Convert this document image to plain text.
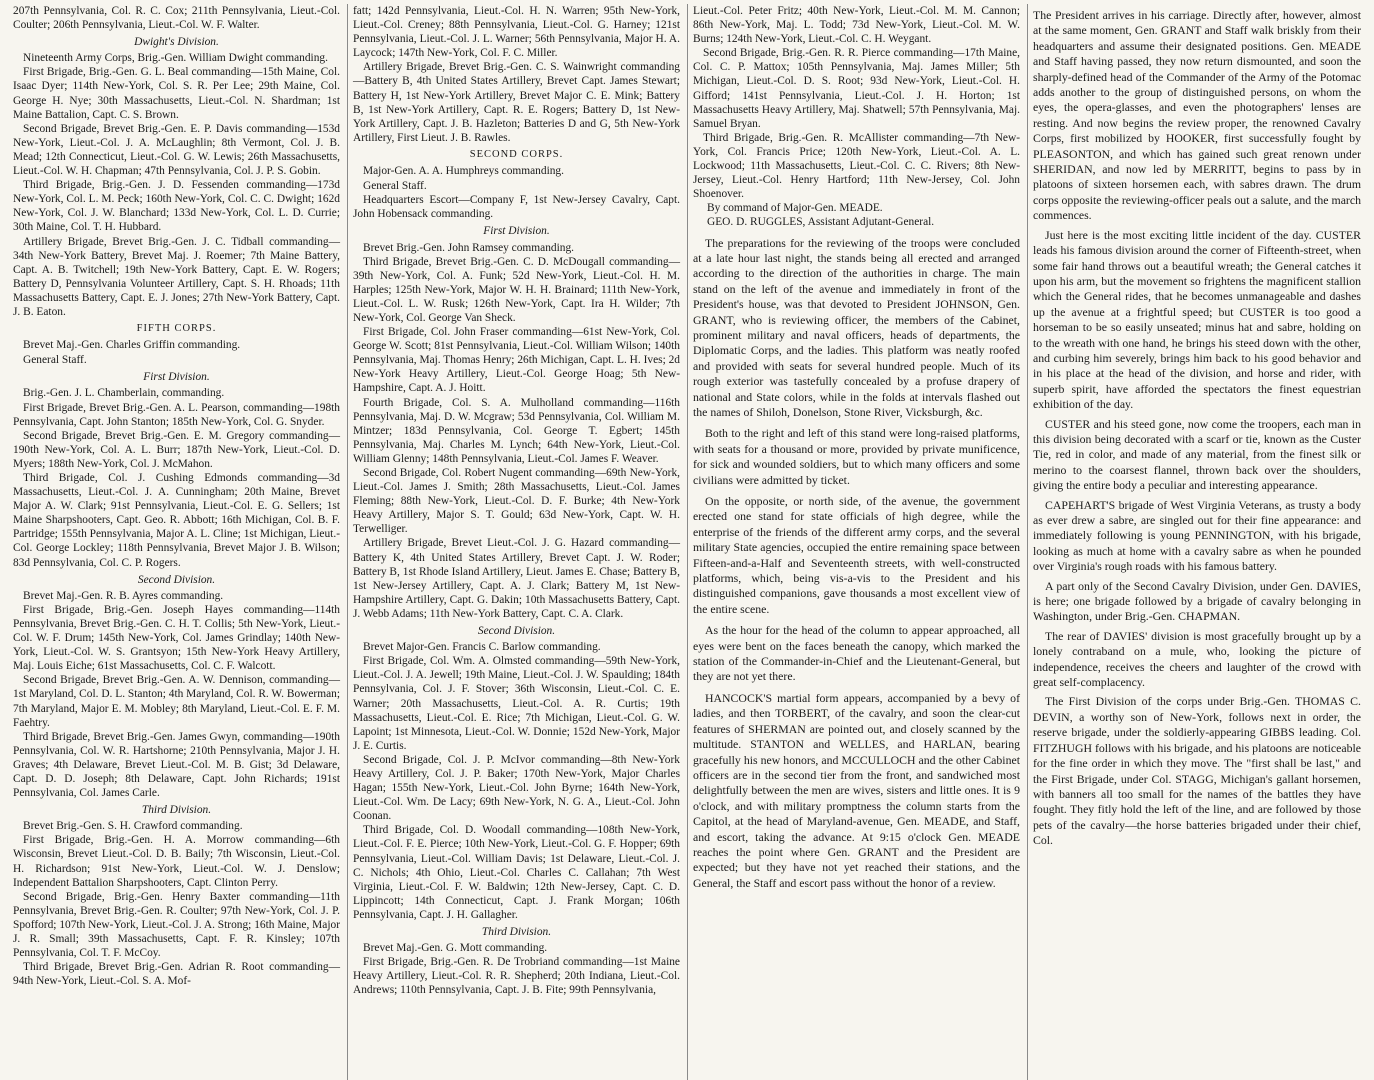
207th Pennsylvania, Col. R. C. Cox; 211th Pennsylvania, Lieut.-Col. Coulter; 206th Pennsylvania, Lieut.-Col. W. F. Walter.

Dwight's Division.

Nineteenth Army Corps, Brig.-Gen. William Dwight commanding.

First Brigade, Brig.-Gen. G. L. Beal commanding—15th Maine, Col. Isaac Dyer; 114th New-York, Col. S. R. Per Lee; 29th Maine, Col. George H. Nye; 30th Massachusetts, Lieut.-Col. N. Shardman; 1st Maine Battalion, Capt. C. S. Brown.

Second Brigade, Brevet Brig.-Gen. E. P. Davis commanding—153d New-York, Lieut.-Col. J. A. McLaughlin; 8th Vermont, Col. J. B. Mead; 12th Connecticut, Lieut.-Col. G. W. Lewis; 26th Massachusetts, Lieut.-Col. W. H. Chapman; 47th Pennsylvania, Col. J. P. S. Gobin.

Third Brigade, Brig.-Gen. J. D. Fessenden commanding—173d New-York, Col. L. M. Peck; 160th New-York, Col. C. C. Dwight; 162d New-York, Col. J. W. Blanchard; 133d New-York, Col. L. D. Currie; 30th Maine, Col. T. H. Hubbard.

Artillery Brigade, Brevet Brig.-Gen. J. C. Tidball commanding—34th New-York Battery, Brevet Maj. J. Roemer; 7th Maine Battery, Capt. A. B. Twitchell; 19th New-York Battery, Capt. E. W. Rogers; Battery D, Pennsylvania Volunteer Artillery, Capt. S. H. Rhoads; 11th Massachusetts Battery, Capt. E. J. Jones; 27th New-York Battery, Capt. J. B. Eaton.

FIFTH CORPS.

Brevet Maj.-Gen. Charles Griffin commanding.

General Staff.

First Division.

Brig.-Gen. J. L. Chamberlain, commanding.

First Brigade, Brevet Brig.-Gen. A. L. Pearson, commanding—198th Pennsylvania, Capt. John Stanton; 185th New-York, Col. G. Snyder.

Second Brigade, Brevet Brig.-Gen. E. M. Gregory commanding—190th New-York, Col. A. L. Burr; 187th New-York, Lieut.-Col. D. Myers; 188th New-York, Col. J. McMahon.

Third Brigade, Col. J. Cushing Edmonds commanding—3d Massachusetts, Lieut.-Col. J. A. Cunningham; 20th Maine, Brevet Major A. W. Clark; 91st Pennsylvania, Lieut.-Col. E. G. Sellers; 1st Maine Sharpshooters, Capt. Geo. R. Abbott; 16th Michigan, Col. B. F. Partridge; 155th Pennsylvania, Major A. L. Cline; 1st Michigan, Lieut.-Col. George Lockley; 118th Pennsylvania, Brevet Major J. B. Wilson; 83d Pennsylvania, Col. C. P. Rogers.

Second Division.

Brevet Maj.-Gen. R. B. Ayres commanding.

First Brigade, Brig.-Gen. Joseph Hayes commanding—114th Pennsylvania, Brevet Brig.-Gen. C. H. T. Collis; 5th New-York, Lieut.-Col. W. F. Drum; 145th New-York, Col. James Grindlay; 140th New-York, Lieut.-Col. W. S. Grantsyon; 15th New-York Heavy Artillery, Maj. Louis Eiche; 61st Massachusetts, Col. C. F. Walcott.

Second Brigade, Brevet Brig.-Gen. A. W. Dennison, commanding—1st Maryland, Col. D. L. Stanton; 4th Maryland, Col. R. W. Bowerman; 7th Maryland, Major E. M. Mobley; 8th Maryland, Lieut.-Col. E. F. M. Faehtry.

Third Brigade, Brevet Brig.-Gen. James Gwyn, commanding—190th Pennsylvania, Col. W. R. Hartshorne; 210th Pennsylvania, Major J. H. Graves; 4th Delaware, Brevet Lieut.-Col. M. B. Gist; 3d Delaware, Capt. D. D. Joseph; 8th Delaware, Capt. John Richards; 191st Pennsylvania, Col. James Carle.

Third Division.

Brevet Brig.-Gen. S. H. Crawford commanding.

First Brigade, Brig.-Gen. H. A. Morrow commanding—6th Wisconsin, Brevet Lieut.-Col. D. B. Baily; 7th Wisconsin, Lieut.-Col. H. Richardson; 91st New-York, Lieut.-Col. W. J. Denslow; Independent Battalion Sharpshooters, Capt. Clinton Perry.

Second Brigade, Brig.-Gen. Henry Baxter commanding—11th Pennsylvania, Brevet Brig.-Gen. R. Coulter; 97th New-York, Col. J. P. Spofford; 107th New-York, Lieut.-Col. J. A. Strong; 16th Maine, Major J. R. Small; 39th Massachusetts, Capt. F. R. Kinsley; 107th Pennsylvania, Col. T. F. McCoy.

Third Brigade, Brevet Brig.-Gen. Adrian R. Root commanding—94th New-York, Lieut.-Col. S. A. Mof-

fatt; 142d Pennsylvania, Lieut.-Col. H. N. Warren; 95th New-York, Lieut.-Col. Creney; 88th Pennsylvania, Lieut.-Col. G. Harney; 121st Pennsylvania, Lieut.-Col. J. L. Warner; 56th Pennsylvania, Major H. A. Laycock; 147th New-York, Col. F. C. Miller.

Artillery Brigade, Brevet Brig.-Gen. C. S. Wainwright commanding—Battery B, 4th United States Artillery, Brevet Capt. James Stewart; Battery H, 1st New-York Artillery, Brevet Major C. E. Mink; Battery B, 1st New-York Artillery, Capt. R. E. Rogers; Battery D, 1st New-York Artillery, Capt. J. B. Hazleton; Batteries D and G, 5th New-York Artillery, First Lieut. J. B. Rawles.

SECOND CORPS.

Major-Gen. A. A. Humphreys commanding.

General Staff.

Headquarters Escort—Company F, 1st New-Jersey Cavalry, Capt. John Hobensack commanding.

First Division.

Brevet Brig.-Gen. John Ramsey commanding.

Third Brigade, Brevet Brig.-Gen. C. D. McDougall commanding—39th New-York, Col. A. Funk; 52d New-York, Lieut.-Col. H. M. Harples; 125th New-York, Major W. H. H. Brainard; 111th New-York, Lieut.-Col. L. W. Rusk; 126th New-York, Capt. Ira H. Wilder; 7th New-York, Col. George Van Sheck.

First Brigade, Col. John Fraser commanding—61st New-York, Col. George W. Scott; 81st Pennsylvania, Lieut.-Col. William Wilson; 140th Pennsylvania, Maj. Thomas Henry; 26th Michigan, Capt. L. H. Ives; 2d New-York Heavy Artillery, Lieut.-Col. George Hoag; 5th New-Hampshire, Capt. A. J. Hoitt.

Fourth Brigade, Col. S. A. Mulholland commanding—116th Pennsylvania, Maj. D. W. Mcgraw; 53d Pennsylvania, Col. William M. Mintzer; 183d Pennsylvania, Col. George T. Egbert; 145th Pennsylvania, Maj. Charles M. Lynch; 64th New-York, Lieut.-Col. William Glenny; 148th Pennsylvania, Lieut.-Col. James F. Weaver.

Second Brigade, Col. Robert Nugent commanding—69th New-York, Lieut.-Col. James J. Smith; 28th Massachusetts, Lieut.-Col. James Fleming; 88th New-York, Lieut.-Col. D. F. Burke; 4th New-York Heavy Artillery, Major S. T. Gould; 63d New-York, Capt. W. H. Terwelliger.

Artillery Brigade, Brevet Lieut.-Col. J. G. Hazard commanding—Battery K, 4th United States Artillery, Brevet Capt. J. W. Roder; Battery B, 1st Rhode Island Artillery, Lieut. James E. Chase; Battery B, 1st New-Jersey Artillery, Capt. A. J. Clark; Battery M, 1st New-Hampshire Artillery, Capt. G. Dakin; 10th Massachusetts Battery, Capt. J. Webb Adams; 11th New-York Battery, Capt. C. A. Clark.

Second Division.

Brevet Major-Gen. Francis C. Barlow commanding.

First Brigade, Col. Wm. A. Olmsted commanding—59th New-York, Lieut.-Col. J. A. Jewell; 19th Maine, Lieut.-Col. J. W. Spaulding; 184th Pennsylvania, Col. J. F. Stover; 36th Wisconsin, Lieut.-Col. C. E. Warner; 20th Massachusetts, Lieut.-Col. A. R. Curtis; 19th Massachusetts, Lieut.-Col. E. Rice; 7th Michigan, Lieut.-Col. G. W. Lapoint; 1st Minnesota, Lieut.-Col. W. Donnie; 152d New-York, Major J. E. Curtis.

Second Brigade, Col. J. P. McIvor commanding—8th New-York Heavy Artillery, Col. J. P. Baker; 170th New-York, Major Charles Hagan; 155th New-York, Lieut.-Col. John Byrne; 164th New-York, Lieut.-Col. Wm. De Lacy; 69th New-York, N. G. A., Lieut.-Col. John Coonan.

Third Brigade, Col. D. Woodall commanding—108th New-York, Lieut.-Col. F. E. Pierce; 10th New-York, Lieut.-Col. G. F. Hopper; 69th Pennsylvania, Lieut.-Col. William Davis; 1st Delaware, Lieut.-Col. J. C. Nichols; 4th Ohio, Lieut.-Col. Charles C. Callahan; 7th West Virginia, Lieut.-Col. F. W. Baldwin; 12th New-Jersey, Capt. C. D. Lippincott; 14th Connecticut, Capt. J. Frank Morgan; 106th Pennsylvania, Capt. J. H. Gallagher.

Third Division.

Brevet Maj.-Gen. G. Mott commanding.

First Brigade, Brig.-Gen. R. De Trobriand commanding—1st Maine Heavy Artillery, Lieut.-Col. R. R. Shepherd; 20th Indiana, Lieut.-Col. Andrews; 110th Pennsylvania, Capt. J. B. Fite; 99th Pennsylvania,

Lieut.-Col. Peter Fritz; 40th New-York, Lieut.-Col. M. M. Cannon; 86th New-York, Maj. L. Todd; 73d New-York, Lieut.-Col. M. W. Burns; 124th New-York, Lieut.-Col. C. H. Weygant.

Second Brigade, Brig.-Gen. R. R. Pierce commanding—17th Maine, Col. C. P. Mattox; 105th Pennsylvania, Maj. James Miller; 5th Michigan, Lieut.-Col. D. S. Root; 93d New-York, Lieut.-Col. H. Gifford; 141st Pennsylvania, Lieut.-Col. J. H. Horton; 1st Massachusetts Heavy Artillery, Maj. Shatwell; 57th Pennsylvania, Maj. Samuel Bryan.

Third Brigade, Brig.-Gen. R. McAllister commanding—7th New-York, Col. Francis Price; 120th New-York, Lieut.-Col. A. L. Lockwood; 11th Massachusetts, Lieut.-Col. C. C. Rivers; 8th New-Jersey, Lieut.-Col. Henry Hartford; 11th New-Jersey, Col. John Shoenover.

By command of Major-Gen. MEADE.

GEO. D. RUGGLES, Assistant Adjutant-General.

The preparations for the reviewing of the troops were concluded at a late hour last night, the stands being all erected and arranged according to the direction of the authorities in charge. The main stand on the left of the avenue and immediately in front of the President's house, was that devoted to President JOHNSON, Gen. GRANT, who is reviewing officer, the members of the Cabinet, prominent military and naval officers, heads of departments, the Diplomatic Corps, and the ladies. This platform was neatly roofed and provided with seats for several hundred people. Much of its rough exterior was tastefully concealed by a profuse drapery of national and State colors, while in the folds at intervals flashed out the names of Shiloh, Donelson, Stone River, Vicksburgh, &c.

Both to the right and left of this stand were long-raised platforms, with seats for a thousand or more, provided by private munificence, for sick and wounded soldiers, but to which many officers and some civilians were admitted by ticket.

On the opposite, or north side, of the avenue, the government erected one stand for state officials of high degree, while the enterprise of the friends of the different army corps, and the several military State agencies, occupied the entire remaining space between Fifteen-and-a-Half and Seventeenth streets, with well-constructed platforms, which, being vis-a-vis to the President and his distinguished companions, gave thousands a most excellent view of the entire scene.

As the hour for the head of the column to appear approached, all eyes were bent on the faces beneath the canopy, which marked the station of the Commander-in-Chief and the Lieutenant-General, but they are not yet there.

HANCOCK'S martial form appears, accompanied by a bevy of ladies, and then TORBERT, of the cavalry, and soon the clear-cut features of SHERMAN are pointed out, and closely scanned by the multitude. STANTON and WELLES, and HARLAN, bearing gracefully his new honors, and MCCULLOCH and the other Cabinet officers are in the second tier from the front, and sandwiched most delightfully between the men are wives, sisters and little ones. It is 9 o'clock, and with military promptness the column starts from the Capitol, at the head of Maryland-avenue, Gen. MEADE, and Staff, and escort, taking the advance. At 9:15 o'clock Gen. MEADE reaches the point where Gen. GRANT and the President are expected; but they have not yet reached their stations, and the General, the Staff and escort pass without the honor of a review.

The President arrives in his carriage. Directly after, however, almost at the same moment, Gen. GRANT and Staff walk briskly from their headquarters and assume their designated positions. Gen. MEADE and Staff having passed, they now return dismounted, and soon the sharply-defined head of the Commander of the Army of the Potomac adds another to the group of distinguished persons, on whom the eyes, the opera-glasses, and even the photographers' lenses are resting. And now begins the review proper, the renowned Cavalry Corps, first mobilized by HOOKER, first successfully fought by PLEASONTON, and which has gained such great renown under SHERIDAN, and now led by MERRITT, begins to pass by in platoons of sixteen horsemen each, with sabres drawn. The drum corps opposite the reviewing-officer peals out a salute, and the march commences.

Just here is the most exciting little incident of the day. CUSTER leads his famous division around the corner of Fifteenth-street, when some fair hand throws out a beautiful wreath; the General catches it upon his arm, but the movement so frightens the magnificent stallion which the General rides, that he becomes unmanageable and dashes up the avenue at a frightful speed; but CUSTER is too good a horseman to be so easily unseated; minus hat and sabre, holding on to the wreath with one hand, he brings his steed down with the other, and curbing him severely, brings him back to his good behavior and in his place at the head of the division, and horse and rider, with superb spirit, have afforded the spectators the finest equestrian exhibition of the day.

CUSTER and his steed gone, now come the troopers, each man in this division being decorated with a scarf or tie, known as the Custer Tie, red in color, and made of any material, from the finest silk or merino to the coarsest flannel, thrown back over the shoulders, giving the entire body a peculiar and interesting appearance.

CAPEHART'S brigade of West Virginia Veterans, as trusty a body as ever drew a sabre, are singled out for their fine appearance: and immediately following is young PENNINGTON, with his brigade, looking as much at home with a cavalry sabre as when he pounded over Virginia's rough roads with his famous battery.

A part only of the Second Cavalry Division, under Gen. DAVIES, is here; one brigade followed by a brigade of cavalry belonging in Washington, under Brig.-Gen. CHAPMAN.

The rear of DAVIES' division is most gracefully brought up by a lonely contraband on a mule, who, looking the picture of independence, receives the cheers and laughter of the crowd with great self-complacency.

The First Division of the corps under Brig.-Gen. THOMAS C. DEVIN, a worthy son of New-York, follows next in order, the reserve brigade, under the soldierly-appearing GIBBS leading. Col. FITZHUGH follows with his brigade, and his platoons are noticeable for the fine order in which they move. The "first shall be last," and the First Brigade, under Col. STAGG, Michigan's gallant horsemen, with banners all too small for the names of the battles they have fought. They fitly hold the left of the line, and are followed by those pets of the cavalry—the horse batteries brigaded under their chief, Col.
